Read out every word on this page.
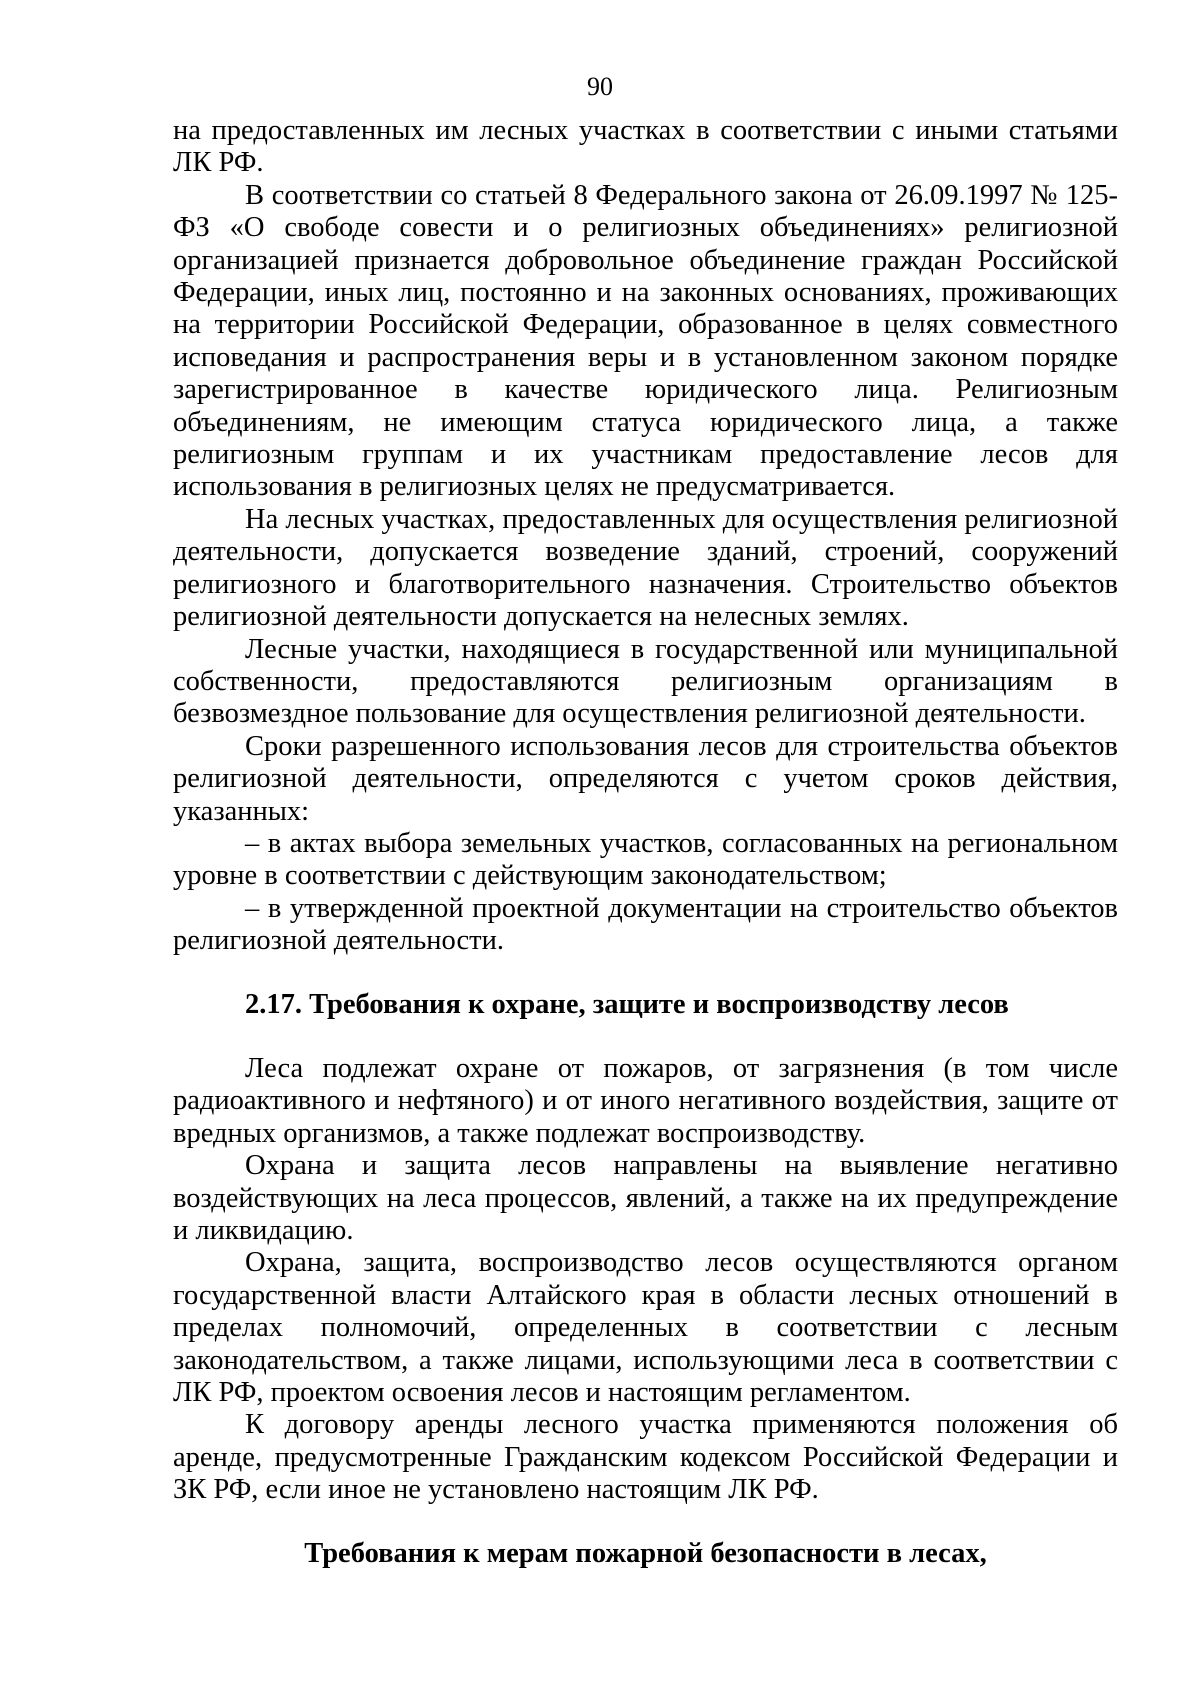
90

на предоставленных им лесных участках в соответствии с иными статьями ЛК РФ.

В соответствии со статьей 8 Федерального закона от 26.09.1997 № 125-ФЗ «О свободе совести и о религиозных объединениях» религиозной организацией признается добровольное объединение граждан Российской Федерации, иных лиц, постоянно и на законных основаниях, проживающих на территории Российской Федерации, образованное в целях совместного исповедания и распространения веры и в установленном законом порядке зарегистрированное в качестве юридического лица. Религиозным объединениям, не имеющим статуса юридического лица, а также религиозным группам и их участникам предоставление лесов для использования в религиозных целях не предусматривается.

На лесных участках, предоставленных для осуществления религиозной деятельности, допускается возведение зданий, строений, сооружений религиозного и благотворительного назначения. Строительство объектов религиозной деятельности допускается на нелесных землях.

Лесные участки, находящиеся в государственной или муниципальной собственности, предоставляются религиозным организациям в безвозмездное пользование для осуществления религиозной деятельности.

Сроки разрешенного использования лесов для строительства объектов религиозной деятельности, определяются с учетом сроков действия, указанных:

– в актах выбора земельных участков, согласованных на региональном уровне в соответствии с действующим законодательством;

– в утвержденной проектной документации на строительство объектов религиозной деятельности.

2.17. Требования к охране, защите и воспроизводству лесов

Леса подлежат охране от пожаров, от загрязнения (в том числе радиоактивного и нефтяного) и от иного негативного воздействия, защите от вредных организмов, а также подлежат воспроизводству.

Охрана и защита лесов направлены на выявление негативно воздействующих на леса процессов, явлений, а также на их предупреждение и ликвидацию.

Охрана, защита, воспроизводство лесов осуществляются органом государственной власти Алтайского края в области лесных отношений в пределах полномочий, определенных в соответствии с лесным законодательством, а также лицами, использующими леса в соответствии с ЛК РФ, проектом освоения лесов и настоящим регламентом.

К договору аренды лесного участка применяются положения об аренде, предусмотренные Гражданским кодексом Российской Федерации и ЗК РФ, если иное не установлено настоящим ЛК РФ.

Требования к мерам пожарной безопасности в лесах,
